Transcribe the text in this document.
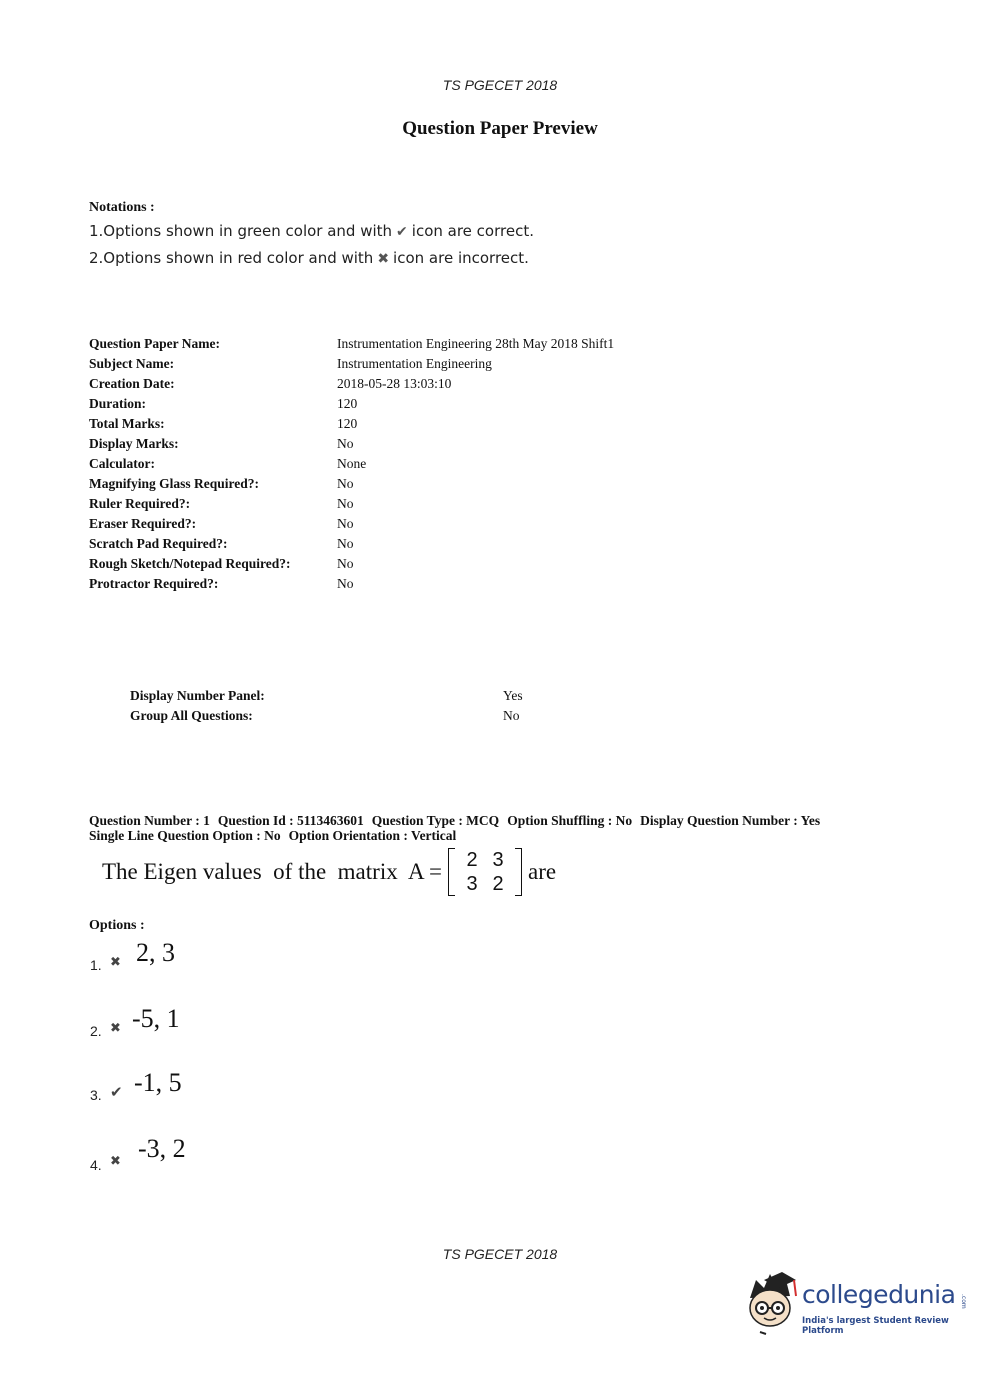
TS PGECET 2018
Question Paper Preview
Notations :
1.Options shown in green color and with ✔ icon are correct.
2.Options shown in red color and with ✖ icon are incorrect.
Question Paper Name:	Instrumentation Engineering 28th May 2018 Shift1
Subject Name:	Instrumentation Engineering
Creation Date:	2018-05-28 13:03:10
Duration:	120
Total Marks:	120
Display Marks:	No
Calculator:	None
Magnifying Glass Required?:	No
Ruler Required?:	No
Eraser Required?:	No
Scratch Pad Required?:	No
Rough Sketch/Notepad Required?:	No
Protractor Required?:	No
Display Number Panel:	Yes
Group All Questions:	No
Question Number : 1 Question Id : 5113463601 Question Type : MCQ Option Shuffling : No Display Question Number : Yes
Single Line Question Option : No Option Orientation : Vertical
The Eigen values  of the  matrix  A =	2 3
3 2	are
Options :
1. ✖ 2, 3
2. ✖ -5, 1
3. ✔ -1, 5
4. ✖ -3, 2
TS PGECET 2018
collegedunia .com
India's largest Student Review Platform
